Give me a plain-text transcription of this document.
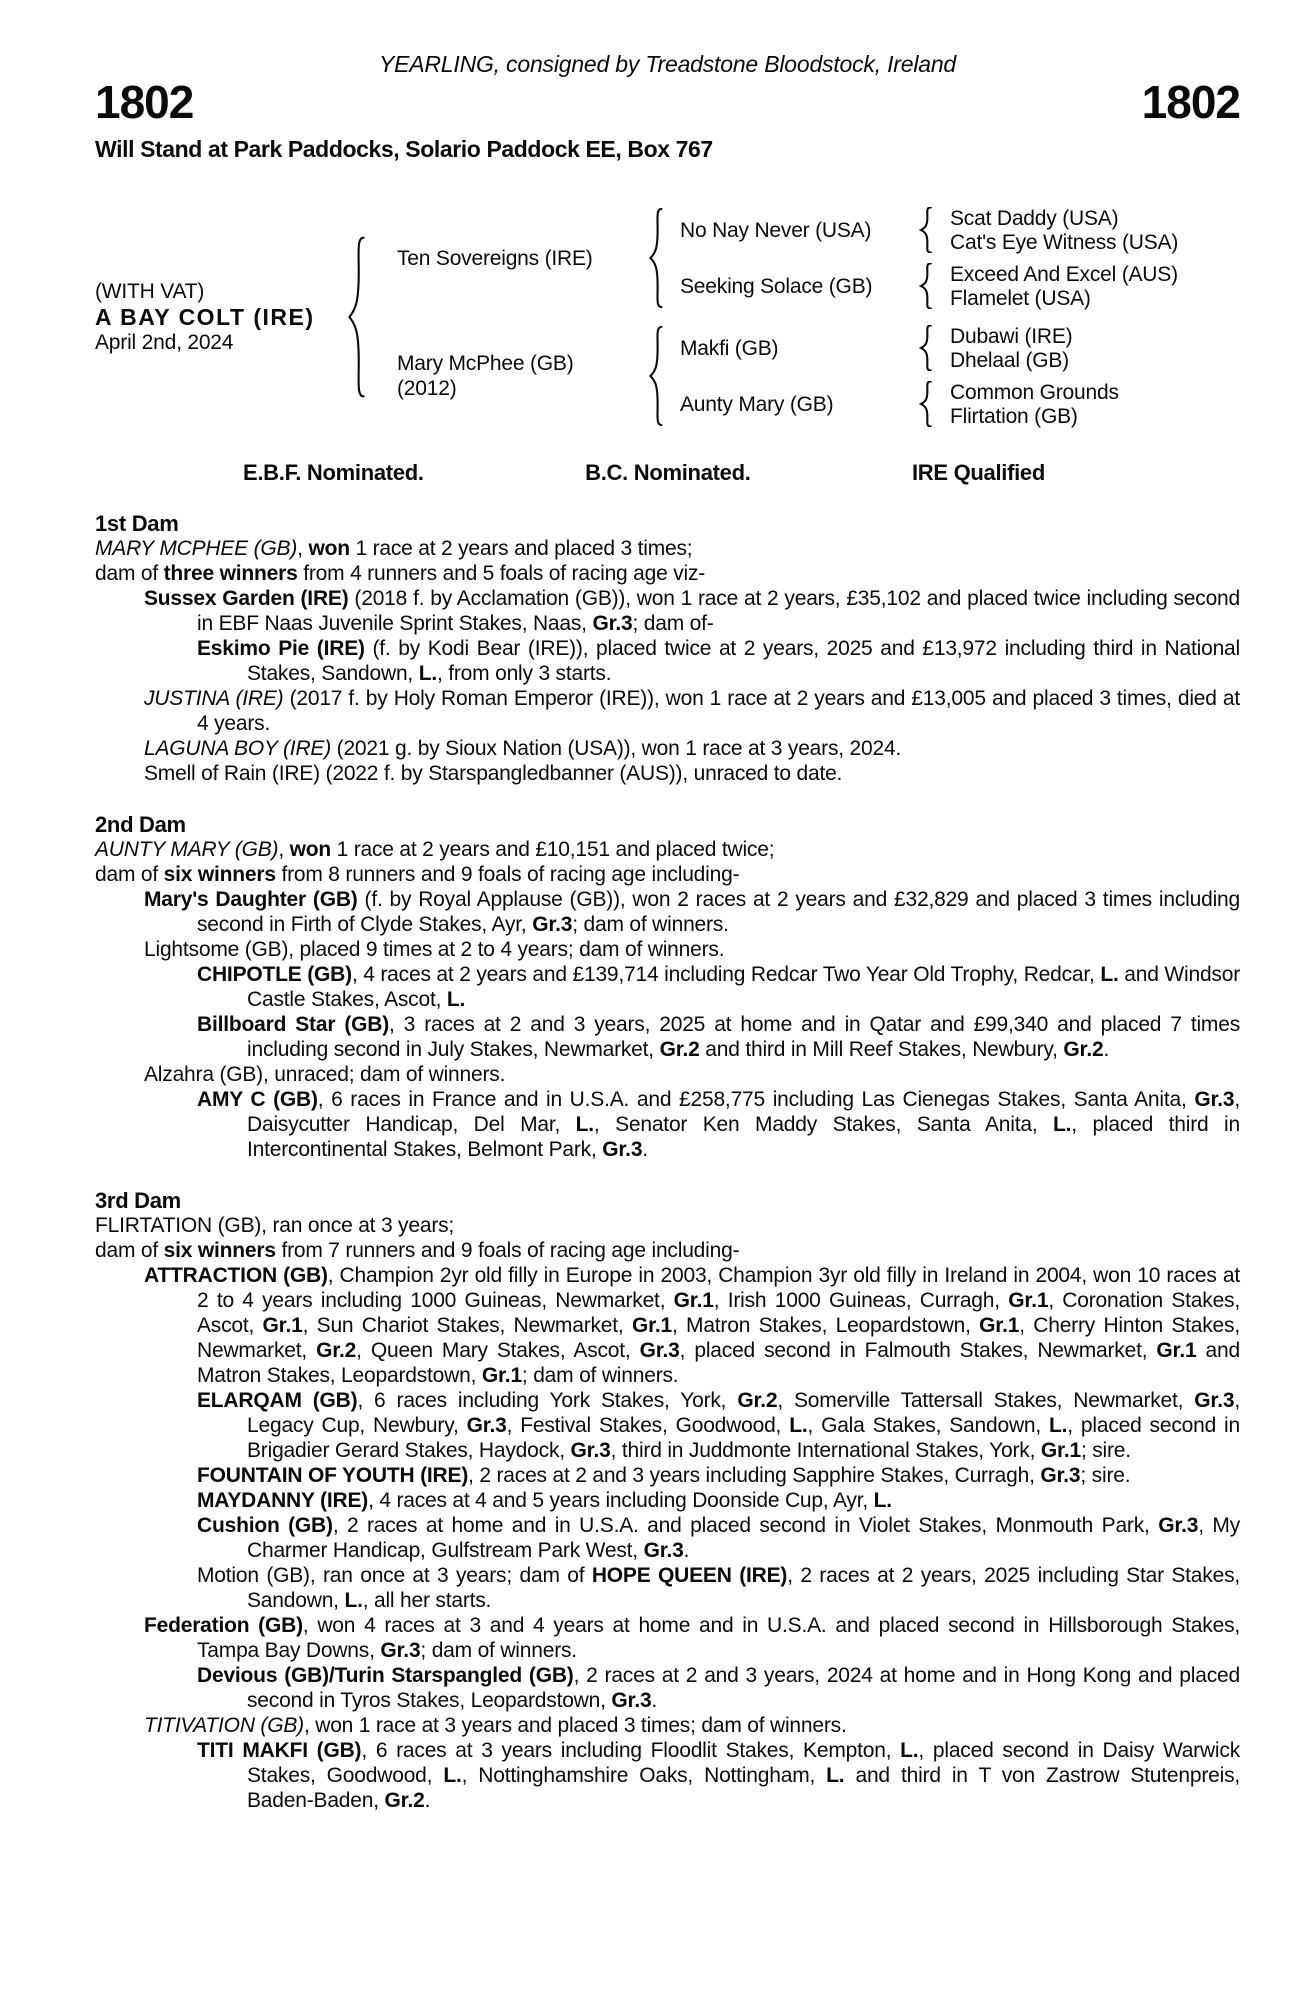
YEARLING, consigned by Treadstone Bloodstock, Ireland
1802	1802
Will Stand at Park Paddocks, Solario Paddock EE, Box 767
(WITH VAT)
A BAY COLT (IRE)
April 2nd, 2024
Ten Sovereigns (IRE)
Mary McPhee (GB)
(2012)
No Nay Never (USA)
Seeking Solace (GB)
Makfi (GB)
Aunty Mary (GB)
Scat Daddy (USA)
Cat's Eye Witness (USA)
Exceed And Excel (AUS)
Flamelet (USA)
Dubawi (IRE)
Dhelaal (GB)
Common Grounds
Flirtation (GB)
E.B.F. Nominated.	B.C. Nominated.	IRE Qualified
1st Dam
MARY MCPHEE (GB), won 1 race at 2 years and placed 3 times;
dam of three winners from 4 runners and 5 foals of racing age viz-
Sussex Garden (IRE) (2018 f. by Acclamation (GB)), won 1 race at 2 years, £35,102 and placed twice including second in EBF Naas Juvenile Sprint Stakes, Naas, Gr.3; dam of-
Eskimo Pie (IRE) (f. by Kodi Bear (IRE)), placed twice at 2 years, 2025 and £13,972 including third in National Stakes, Sandown, L., from only 3 starts.
JUSTINA (IRE) (2017 f. by Holy Roman Emperor (IRE)), won 1 race at 2 years and £13,005 and placed 3 times, died at 4 years.
LAGUNA BOY (IRE) (2021 g. by Sioux Nation (USA)), won 1 race at 3 years, 2024.
Smell of Rain (IRE) (2022 f. by Starspangledbanner (AUS)), unraced to date.
2nd Dam
AUNTY MARY (GB), won 1 race at 2 years and £10,151 and placed twice;
dam of six winners from 8 runners and 9 foals of racing age including-
Mary's Daughter (GB) (f. by Royal Applause (GB)), won 2 races at 2 years and £32,829 and placed 3 times including second in Firth of Clyde Stakes, Ayr, Gr.3; dam of winners.
Lightsome (GB), placed 9 times at 2 to 4 years; dam of winners.
CHIPOTLE (GB), 4 races at 2 years and £139,714 including Redcar Two Year Old Trophy, Redcar, L. and Windsor Castle Stakes, Ascot, L.
Billboard Star (GB), 3 races at 2 and 3 years, 2025 at home and in Qatar and £99,340 and placed 7 times including second in July Stakes, Newmarket, Gr.2 and third in Mill Reef Stakes, Newbury, Gr.2.
Alzahra (GB), unraced; dam of winners.
AMY C (GB), 6 races in France and in U.S.A. and £258,775 including Las Cienegas Stakes, Santa Anita, Gr.3, Daisycutter Handicap, Del Mar, L., Senator Ken Maddy Stakes, Santa Anita, L., placed third in Intercontinental Stakes, Belmont Park, Gr.3.
3rd Dam
FLIRTATION (GB), ran once at 3 years;
dam of six winners from 7 runners and 9 foals of racing age including-
ATTRACTION (GB), Champion 2yr old filly in Europe in 2003, Champion 3yr old filly in Ireland in 2004, won 10 races at 2 to 4 years including 1000 Guineas, Newmarket, Gr.1, Irish 1000 Guineas, Curragh, Gr.1, Coronation Stakes, Ascot, Gr.1, Sun Chariot Stakes, Newmarket, Gr.1, Matron Stakes, Leopardstown, Gr.1, Cherry Hinton Stakes, Newmarket, Gr.2, Queen Mary Stakes, Ascot, Gr.3, placed second in Falmouth Stakes, Newmarket, Gr.1 and Matron Stakes, Leopardstown, Gr.1; dam of winners.
ELARQAM (GB), 6 races including York Stakes, York, Gr.2, Somerville Tattersall Stakes, Newmarket, Gr.3, Legacy Cup, Newbury, Gr.3, Festival Stakes, Goodwood, L., Gala Stakes, Sandown, L., placed second in Brigadier Gerard Stakes, Haydock, Gr.3, third in Juddmonte International Stakes, York, Gr.1; sire.
FOUNTAIN OF YOUTH (IRE), 2 races at 2 and 3 years including Sapphire Stakes, Curragh, Gr.3; sire.
MAYDANNY (IRE), 4 races at 4 and 5 years including Doonside Cup, Ayr, L.
Cushion (GB), 2 races at home and in U.S.A. and placed second in Violet Stakes, Monmouth Park, Gr.3, My Charmer Handicap, Gulfstream Park West, Gr.3.
Motion (GB), ran once at 3 years; dam of HOPE QUEEN (IRE), 2 races at 2 years, 2025 including Star Stakes, Sandown, L., all her starts.
Federation (GB), won 4 races at 3 and 4 years at home and in U.S.A. and placed second in Hillsborough Stakes, Tampa Bay Downs, Gr.3; dam of winners.
Devious (GB)/Turin Starspangled (GB), 2 races at 2 and 3 years, 2024 at home and in Hong Kong and placed second in Tyros Stakes, Leopardstown, Gr.3.
TITIVATION (GB), won 1 race at 3 years and placed 3 times; dam of winners.
TITI MAKFI (GB), 6 races at 3 years including Floodlit Stakes, Kempton, L., placed second in Daisy Warwick Stakes, Goodwood, L., Nottinghamshire Oaks, Nottingham, L. and third in T von Zastrow Stutenpreis, Baden-Baden, Gr.2.
